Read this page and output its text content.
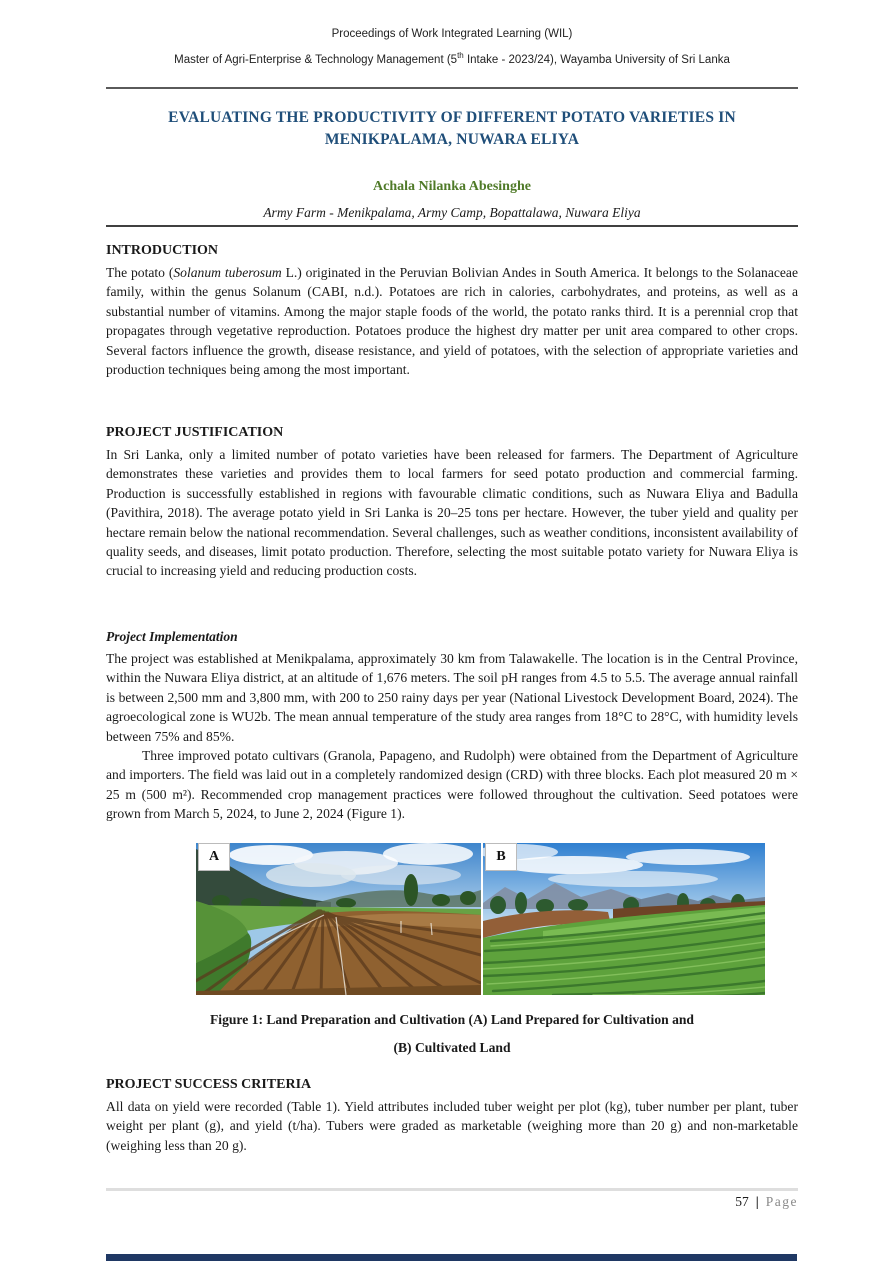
Proceedings of Work Integrated Learning (WIL)
Master of Agri-Enterprise & Technology Management (5th Intake - 2023/24), Wayamba University of Sri Lanka
EVALUATING THE PRODUCTIVITY OF DIFFERENT POTATO VARIETIES IN
MENIKPALAMA, NUWARA ELIYA
Achala Nilanka Abesinghe
Army Farm - Menikpalama, Army Camp, Bopattalawa, Nuwara Eliya
INTRODUCTION

The potato (Solanum tuberosum L.) originated in the Peruvian Bolivian Andes in South America. It belongs to the Solanaceae family, within the genus Solanum (CABI, n.d.). Potatoes are rich in calories, carbohydrates, and proteins, as well as a substantial number of vitamins. Among the major staple foods of the world, the potato ranks third. It is a perennial crop that propagates through vegetative reproduction. Potatoes produce the highest dry matter per unit area compared to other crops. Several factors influence the growth, disease resistance, and yield of potatoes, with the selection of appropriate varieties and production techniques being among the most important.

PROJECT JUSTIFICATION

In Sri Lanka, only a limited number of potato varieties have been released for farmers. The Department of Agriculture demonstrates these varieties and provides them to local farmers for seed potato production and commercial farming. Production is successfully established in regions with favourable climatic conditions, such as Nuwara Eliya and Badulla (Pavithira, 2018). The average potato yield in Sri Lanka is 20–25 tons per hectare. However, the tuber yield and quality per hectare remain below the national recommendation. Several challenges, such as weather conditions, inconsistent availability of quality seeds, and diseases, limit potato production. Therefore, selecting the most suitable potato variety for Nuwara Eliya is crucial to increasing yield and reducing production costs.

Project Implementation

The project was established at Menikpalama, approximately 30 km from Talawakelle. The location is in the Central Province, within the Nuwara Eliya district, at an altitude of 1,676 meters. The soil pH ranges from 4.5 to 5.5. The average annual rainfall is between 2,500 mm and 3,800 mm, with 200 to 250 rainy days per year (National Livestock Development Board, 2024). The agroecological zone is WU2b. The mean annual temperature of the study area ranges from 18°C to 28°C, with humidity levels between 75% and 85%.

Three improved potato cultivars (Granola, Papageno, and Rudolph) were obtained from the Department of Agriculture and importers. The field was laid out in a completely randomized design (CRD) with three blocks. Each plot measured 20 m × 25 m (500 m²). Recommended crop management practices were followed throughout the cultivation. Seed potatoes were grown from March 5, 2024, to June 2, 2024 (Figure 1).

A	B
Figure 1: Land Preparation and Cultivation (A) Land Prepared for Cultivation and
(B) Cultivated Land
PROJECT SUCCESS CRITERIA

All data on yield were recorded (Table 1). Yield attributes included tuber weight per plot (kg), tuber number per plant, tuber weight per plant (g), and yield (t/ha). Tubers were graded as marketable (weighing more than 20 g) and non-marketable (weighing less than 20 g).

57 | Page
